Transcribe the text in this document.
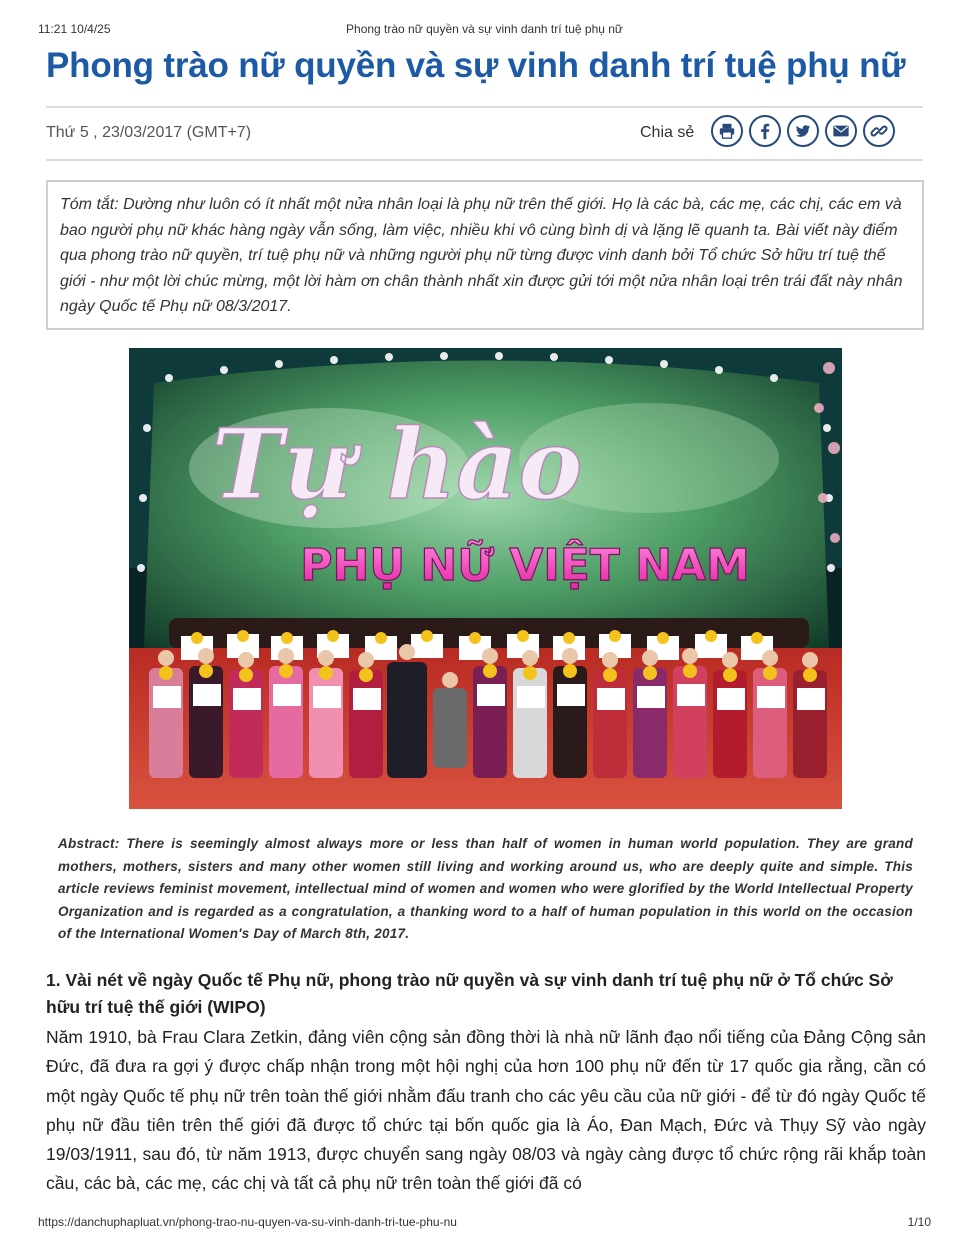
11:21 10/4/25	Phong trào nữ quyền và sự vinh danh trí tuệ phụ nữ
Phong trào nữ quyền và sự vinh danh trí tuệ phụ nữ
Thứ 5 , 23/03/2017 (GMT+7)	Chia sẻ
Tóm tắt: Dường như luôn có ít nhất một nửa nhân loại là phụ nữ trên thế giới. Họ là các bà, các mẹ, các chị, các em và bao người phụ nữ khác hàng ngày vẫn sống, làm việc, nhiều khi vô cùng bình dị và lặng lẽ quanh ta. Bài viết này điểm qua phong trào nữ quyền, trí tuệ phụ nữ và những người phụ nữ từng được vinh danh bởi Tổ chức Sở hữu trí tuệ thế giới - như một lời chúc mừng, một lời hàm ơn chân thành nhất xin được gửi tới một nửa nhân loại trên trái đất này nhân ngày Quốc tế Phụ nữ 08/3/2017.
Tự hào
PHỤ NỮ VIỆT NAM

Abstract: There is seemingly almost always more or less than half of women in human world population. They are grand mothers, mothers, sisters and many other women still living and working around us, who are deeply quite and simple. This article reviews feminist movement, intellectual mind of women and women who were glorified by the World Intellectual Property Organization and is regarded as a congratulation, a thanking word to a half of human population in this world on the occasion of the International Women's Day of March 8th, 2017.

1. Vài nét về ngày Quốc tế Phụ nữ, phong trào nữ quyền và sự vinh danh trí tuệ phụ nữ ở Tổ chức Sở hữu trí tuệ thế giới (WIPO)

Năm 1910, bà Frau Clara Zetkin, đảng viên cộng sản đồng thời là nhà nữ lãnh đạo nổi tiếng của Đảng Cộng sản Đức, đã đưa ra gợi ý được chấp nhận trong một hội nghị của hơn 100 phụ nữ đến từ 17 quốc gia rằng, cần có một ngày Quốc tế phụ nữ trên toàn thế giới nhằm đấu tranh cho các yêu cầu của nữ giới - để từ đó ngày Quốc tế phụ nữ đầu tiên trên thế giới đã được tổ chức tại bốn quốc gia là Áo, Đan Mạch, Đức và Thụy Sỹ vào ngày 19/03/1911, sau đó, từ năm 1913, được chuyển sang ngày 08/03 và ngày càng được tổ chức rộng rãi khắp toàn cầu, các bà, các mẹ, các chị và tất cả phụ nữ trên toàn thế giới đã có

https://danchuphapluat.vn/phong-trao-nu-quyen-va-su-vinh-danh-tri-tue-phu-nu	1/10
